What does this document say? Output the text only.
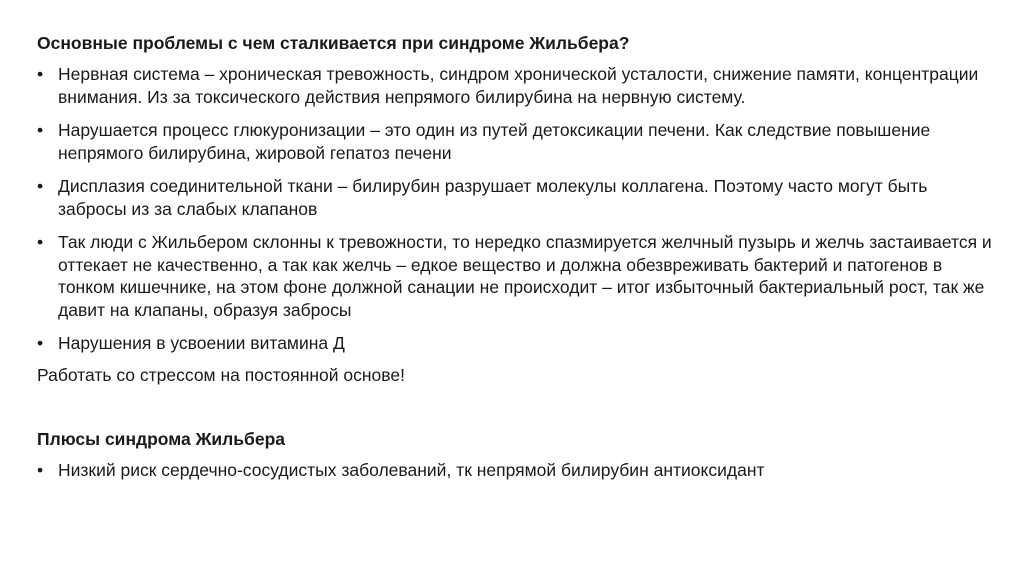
Основные проблемы с чем сталкивается при синдроме Жильбера?
• Нервная система – хроническая тревожность, синдром хронической усталости, снижение памяти, концентрации внимания. Из за токсического действия непрямого билирубина на нервную систему.
• Нарушается процесс глюкуронизации – это один из путей детоксикации печени. Как следствие повышение непрямого билирубина, жировой гепатоз печени
• Дисплазия соединительной ткани – билирубин разрушает молекулы коллагена. Поэтому часто могут быть забросы из за слабых клапанов
• Так люди с Жильбером склонны к тревожности, то нередко спазмируется желчный пузырь и желчь застаивается и оттекает не качественно, а так как желчь – едкое вещество и должна обезвреживать бактерий и патогенов в тонком кишечнике, на этом фоне должной санации не происходит – итог избыточный бактериальный рост, так же давит на клапаны, образуя забросы
• Нарушения в усвоении витамина Д

Работать со стрессом на постоянной основе!

Плюсы синдрома Жильбера
• Низкий риск сердечно-сосудистых заболеваний, тк непрямой билирубин антиоксидант
